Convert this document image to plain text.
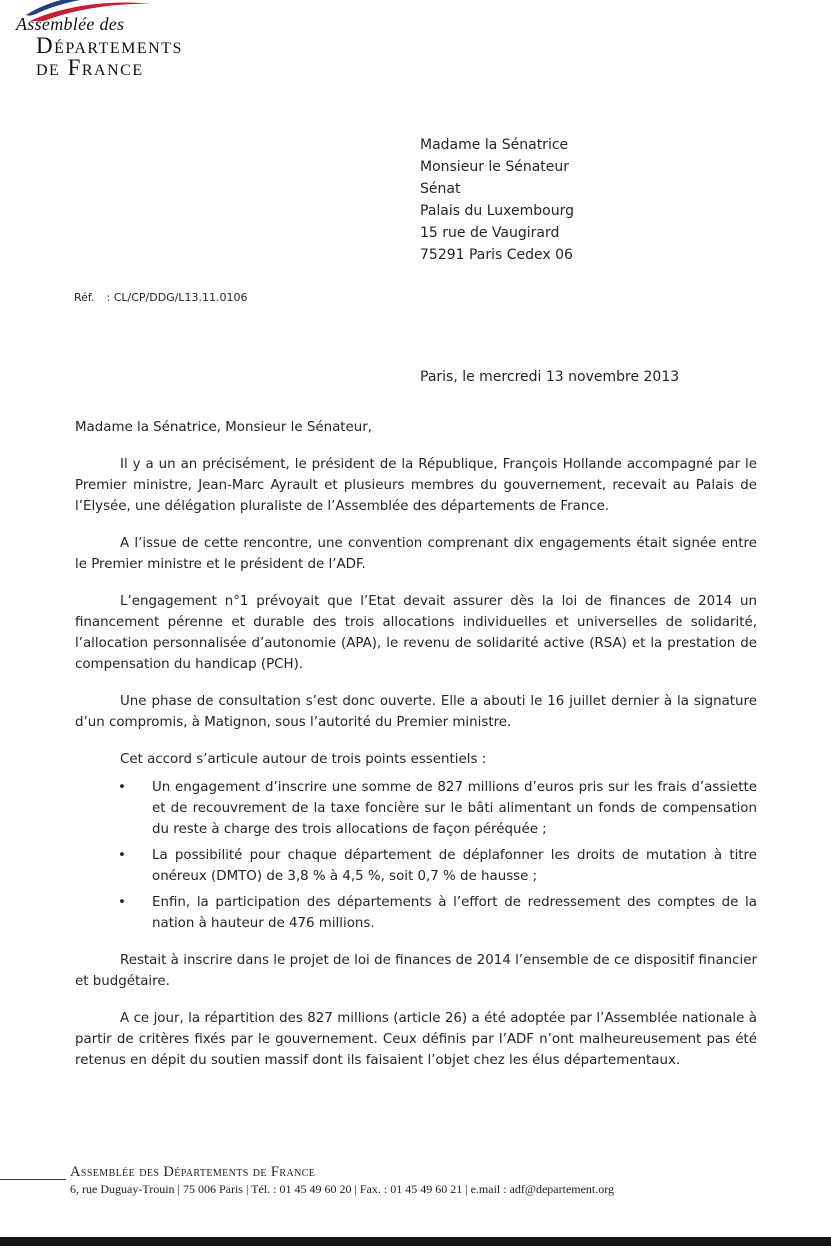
Assemblée des
Départements
de France
Madame la Sénatrice
Monsieur le Sénateur
Sénat
Palais du Luxembourg
15 rue de Vaugirard
75291 Paris Cedex 06
Réf. : CL/CP/DDG/L13.11.0106
Paris, le mercredi 13 novembre 2013

Madame la Sénatrice, Monsieur le Sénateur,

Il y a un an précisément, le président de la République, François Hollande accompagné par le Premier ministre, Jean-Marc Ayrault et plusieurs membres du gouvernement, recevait au Palais de l’Elysée, une délégation pluraliste de l’Assemblée des départements de France.

A l’issue de cette rencontre, une convention comprenant dix engagements était signée entre le Premier ministre et le président de l’ADF.

L’engagement n°1 prévoyait que l’Etat devait assurer dès la loi de finances de 2014 un financement pérenne et durable des trois allocations individuelles et universelles de solidarité, l’allocation personnalisée d’autonomie (APA), le revenu de solidarité active (RSA) et la prestation de compensation du handicap (PCH).

Une phase de consultation s’est donc ouverte. Elle a abouti le 16 juillet dernier à la signature d’un compromis, à Matignon, sous l’autorité du Premier ministre.

Cet accord s’articule autour de trois points essentiels :

• Un engagement d’inscrire une somme de 827 millions d’euros pris sur les frais d’assiette et de recouvrement de la taxe foncière sur le bâti alimentant un fonds de compensation du reste à charge des trois allocations de façon péréquée ;
• La possibilité pour chaque département de déplafonner les droits de mutation à titre onéreux (DMTO) de 3,8 % à 4,5 %, soit 0,7 % de hausse ;
• Enfin, la participation des départements à l’effort de redressement des comptes de la nation à hauteur de 476 millions.

Restait à inscrire dans le projet de loi de finances de 2014 l’ensemble de ce dispositif financier et budgétaire.

A ce jour, la répartition des 827 millions (article 26) a été adoptée par l’Assemblée nationale à partir de critères fixés par le gouvernement. Ceux définis par l’ADF n’ont malheureusement pas été retenus en dépit du soutien massif dont ils faisaient l’objet chez les élus départementaux.

Assemblée des Départements de France
6, rue Duguay-Trouin | 75 006 Paris | Tél. : 01 45 49 60 20 | Fax. : 01 45 49 60 21 | e.mail : adf@departement.org
